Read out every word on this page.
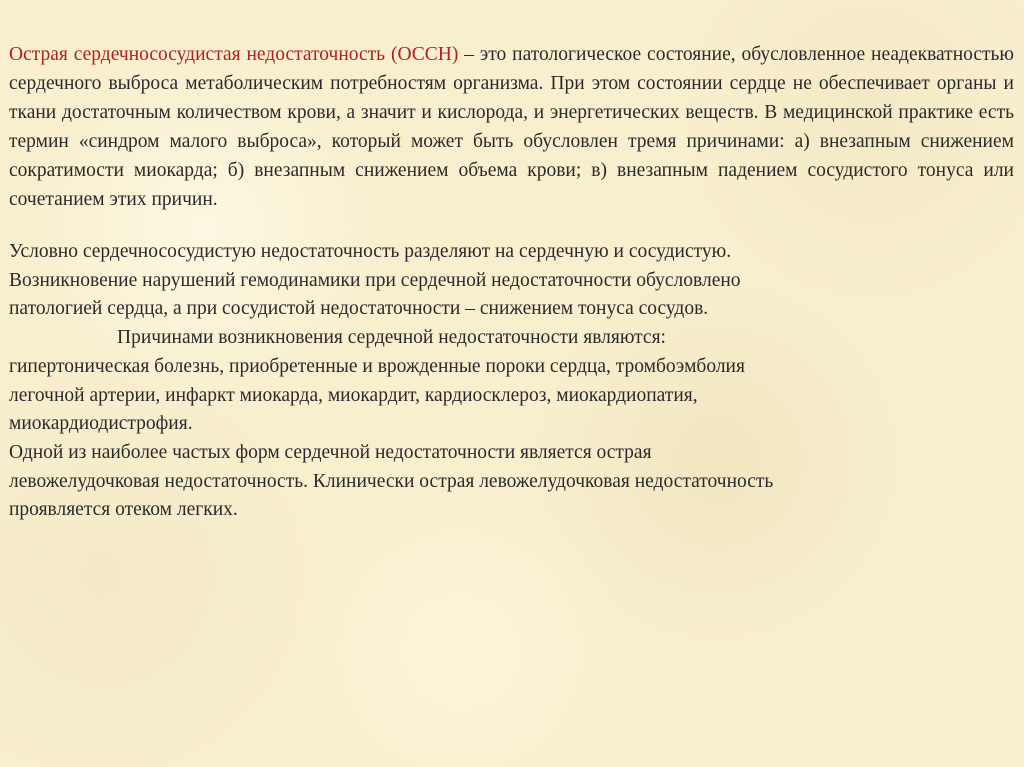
Острая сердечнососудистая недостаточность (ОССН) – это патологическое состояние, обусловленное неадекватностью сердечного выброса метаболическим потребностям организма. При этом состоянии сердце не обеспечивает органы и ткани достаточным количеством крови, а значит и кислорода, и энергетических веществ. В медицинской практике есть термин «синдром малого выброса», который может быть обусловлен тремя причинами: а) внезапным снижением сократимости миокарда; б) внезапным снижением объема крови; в) внезапным падением сосудистого тонуса или сочетанием этих причин.

Условно сердечнососудистую недостаточность разделяют на сердечную и сосудистую.
Возникновение нарушений гемодинамики при сердечной недостаточности обусловлено
патологией сердца, а при сосудистой недостаточности – снижением тонуса сосудов.
Причинами возникновения сердечной недостаточности являются:
гипертоническая болезнь, приобретенные и врожденные пороки сердца, тромбоэмболия
легочной артерии, инфаркт миокарда, миокардит, кардиосклероз, миокардиопатия,
миокардиодистрофия.
Одной из наиболее частых форм сердечной недостаточности является острая
левожелудочковая недостаточность. Клинически острая левожелудочковая недостаточность
проявляется отеком легких.
